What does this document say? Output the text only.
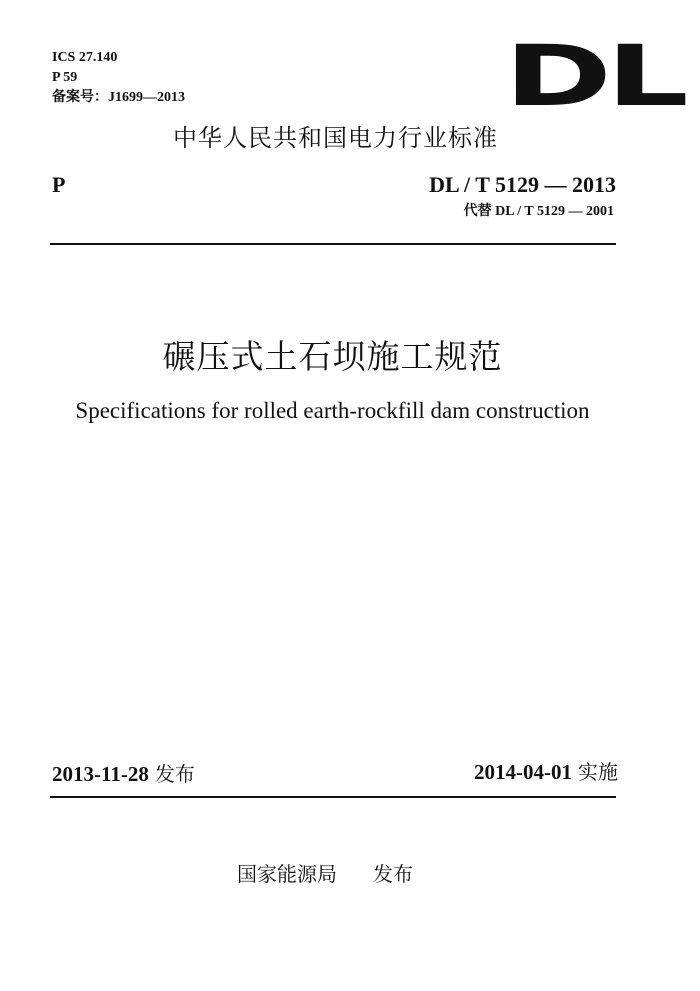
ICS 27.140
P 59
备案号：J1699—2013	DL
中华人民共和国电力行业标准
P	DL / T 5129 — 2013
代替 DL / T 5129 — 2001
碾压式土石坝施工规范
Specifications for rolled earth-rockfill dam construction
2013-11-28 发布	2014-04-01 实施
国家能源局 发布
